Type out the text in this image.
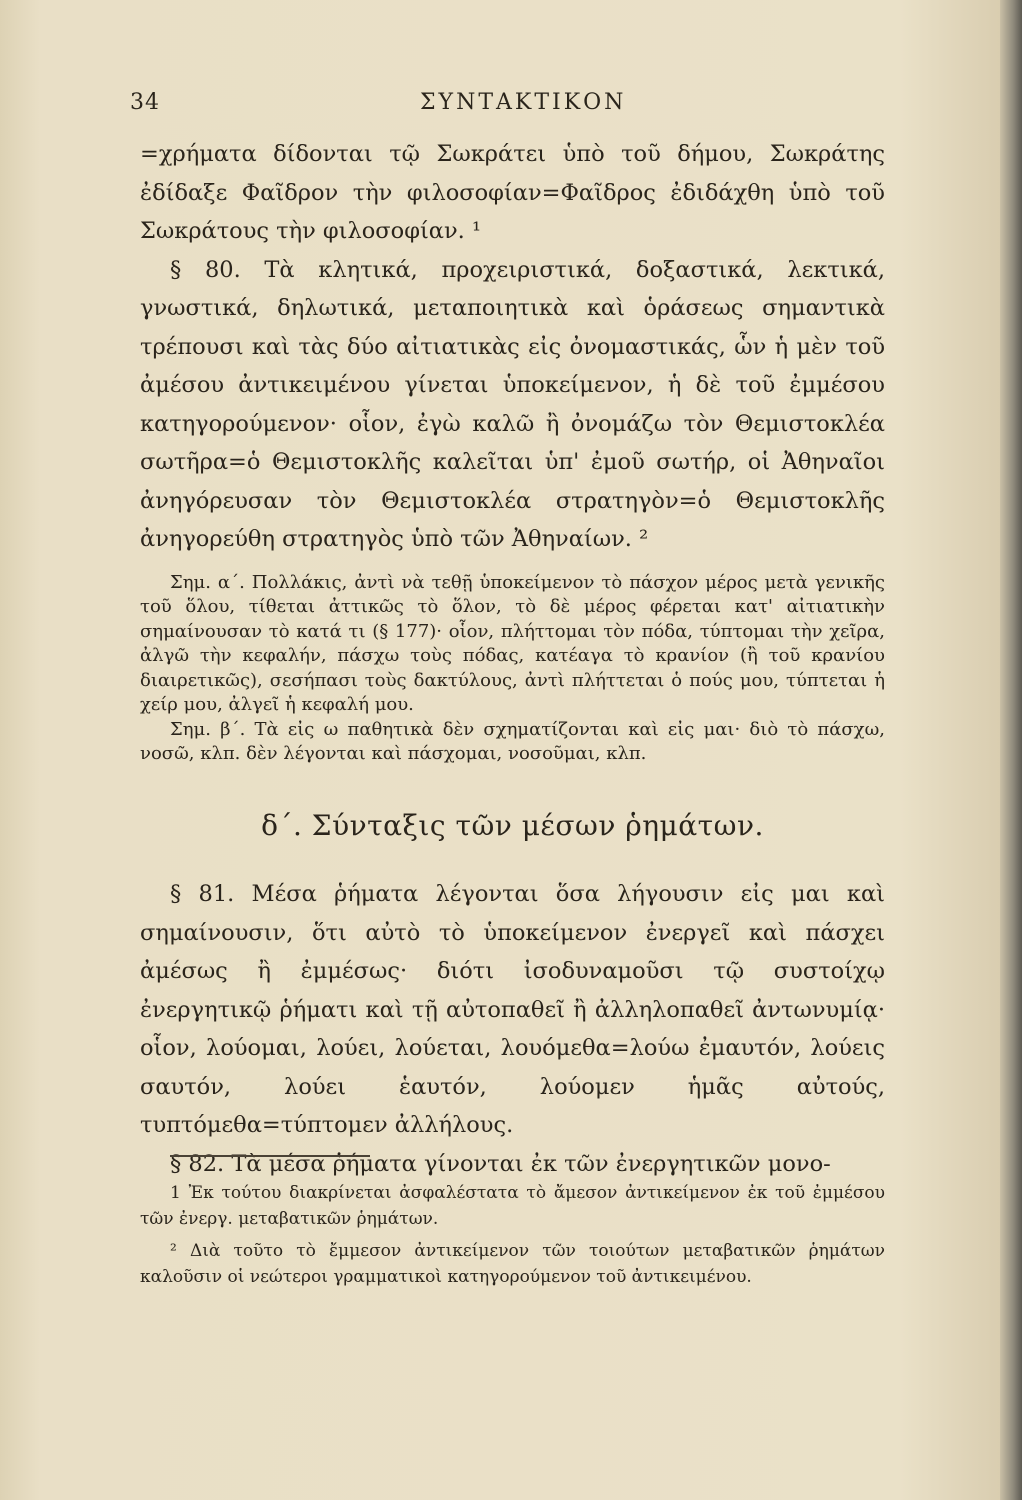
34	ΣΥΝΤΑΚΤΙΚΟΝ

=χρήματα δίδονται τῷ Σωκράτει ὑπὸ τοῦ δήμου, Σωκράτης ἐδίδαξε Φαῖδρον τὴν φιλοσοφίαν=Φαῖδρος ἐδιδάχθη ὑπὸ τοῦ Σωκράτους τὴν φιλοσοφίαν. ¹

§ 80. Τὰ κλητικά, προχειριστικά, δοξαστικά, λεκτικά, γνωστικά, δηλωτικά, μεταποιητικὰ καὶ ὁράσεως σημαντικὰ τρέπουσι καὶ τὰς δύο αἰτιατικὰς εἰς ὀνομαστικάς, ὧν ἡ μὲν τοῦ ἀμέσου ἀντικειμένου γίνεται ὑποκείμενον, ἡ δὲ τοῦ ἐμμέσου κατηγορούμενον· οἷον, ἐγὼ καλῶ ἢ ὀνομάζω τὸν Θεμιστοκλέα σωτῆρα=ὁ Θεμιστοκλῆς καλεῖται ὑπ' ἐμοῦ σωτήρ, οἱ Ἀθηναῖοι ἀνηγόρευσαν τὸν Θεμιστοκλέα στρατηγὸν=ὁ Θεμιστοκλῆς ἀνηγορεύθη στρατηγὸς ὑπὸ τῶν Ἀθηναίων. ²

Σημ. α΄. Πολλάκις, ἀντὶ νὰ τεθῇ ὑποκείμενον τὸ πάσχον μέρος μετὰ γενικῆς τοῦ ὅλου, τίθεται ἀττικῶς τὸ ὅλον, τὸ δὲ μέρος φέρεται κατ' αἰτιατικὴν σημαίνουσαν τὸ κατά τι (§ 177)· οἷον, πλήττομαι τὸν πόδα, τύπτομαι τὴν χεῖρα, ἀλγῶ τὴν κεφαλήν, πάσχω τοὺς πόδας, κατέαγα τὸ κρανίον (ἢ τοῦ κρανίου διαιρετικῶς), σεσήπασι τοὺς δακτύλους, ἀντὶ πλήττεται ὁ πούς μου, τύπτεται ἡ χείρ μου, ἀλγεῖ ἡ κεφαλή μου.

Σημ. β΄. Τὰ εἰς ω παθητικὰ δὲν σχηματίζονται καὶ εἰς μαι· διὸ τὸ πάσχω, νοσῶ, κλπ. δὲν λέγονται καὶ πάσχομαι, νοσοῦμαι, κλπ.

δ΄. Σύνταξις τῶν μέσων ῥημάτων.

§ 81. Μέσα ῥήματα λέγονται ὅσα λήγουσιν εἰς μαι καὶ σημαίνουσιν, ὅτι αὐτὸ τὸ ὑποκείμενον ἐνεργεῖ καὶ πάσχει ἀμέσως ἢ ἐμμέσως· διότι ἰσοδυναμοῦσι τῷ συστοίχῳ ἐνεργητικῷ ῥήματι καὶ τῇ αὐτοπαθεῖ ἢ ἀλληλοπαθεῖ ἀντωνυμίᾳ· οἷον, λούομαι, λούει, λούεται, λουόμεθα=λούω ἐμαυτόν, λούεις σαυτόν, λούει ἑαυτόν, λούομεν ἡμᾶς αὐτούς, τυπτόμεθα=τύπτομεν ἀλλήλους.

§ 82. Τὰ μέσα ῥήματα γίνονται ἐκ τῶν ἐνεργητικῶν μονο-

1 Ἐκ τούτου διακρίνεται ἀσφαλέστατα τὸ ἄμεσον ἀντικείμενον ἐκ τοῦ ἐμμέσου τῶν ἐνεργ. μεταβατικῶν ῥημάτων.

² Διὰ τοῦτο τὸ ἔμμεσον ἀντικείμενον τῶν τοιούτων μεταβατικῶν ῥημάτων καλοῦσιν οἱ νεώτεροι γραμματικοὶ κατηγορούμενον τοῦ ἀντικειμένου.
